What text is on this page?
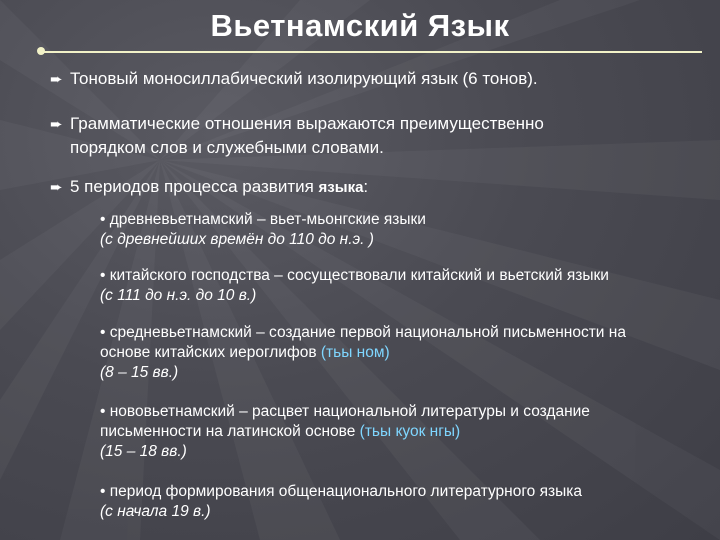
Вьетнамский Язык
➨ Тоновый моносиллабический изолирующий язык (6 тонов).
➨ Грамматические отношения выражаются преимущественно
порядком слов и служебными словами.
➨ 5 периодов процесса развития языка:
• древневьетнамский – вьет-мьонгские языки
(с древнейших времён до 110 до н.э. )
• китайского господства – сосуществовали китайский и вьетский языки
(с 111 до н.э. до 10 в.)
• средневьетнамский – создание первой национальной письменности на
основе китайских иероглифов (тьы ном)
(8 – 15 вв.)
• нововьетнамский – расцвет национальной литературы и создание
письменности на латинской основе (тьы куок нгы)
(15 – 18 вв.)
• период формирования общенационального литературного языка
(с начала 19 в.)
